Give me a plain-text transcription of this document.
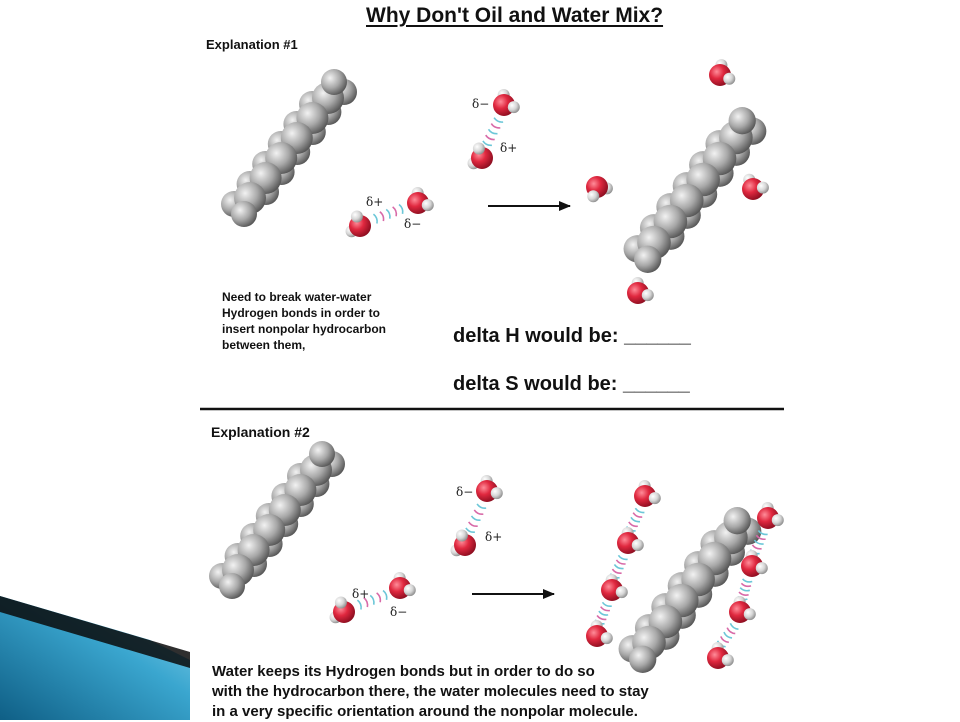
δ+
δ−
δ−
δ+
δ+
δ−
δ−
δ+
Why Don't Oil and Water Mix?
Explanation #1
Need to break water-water
Hydrogen bonds in order to
insert nonpolar hydrocarbon
between them,	delta H would be: ______
delta S would be: ______
Explanation #2
Water keeps its Hydrogen bonds but in order to do so
with the hydrocarbon there, the water molecules need to stay
in a very specific orientation around the nonpolar molecule.
